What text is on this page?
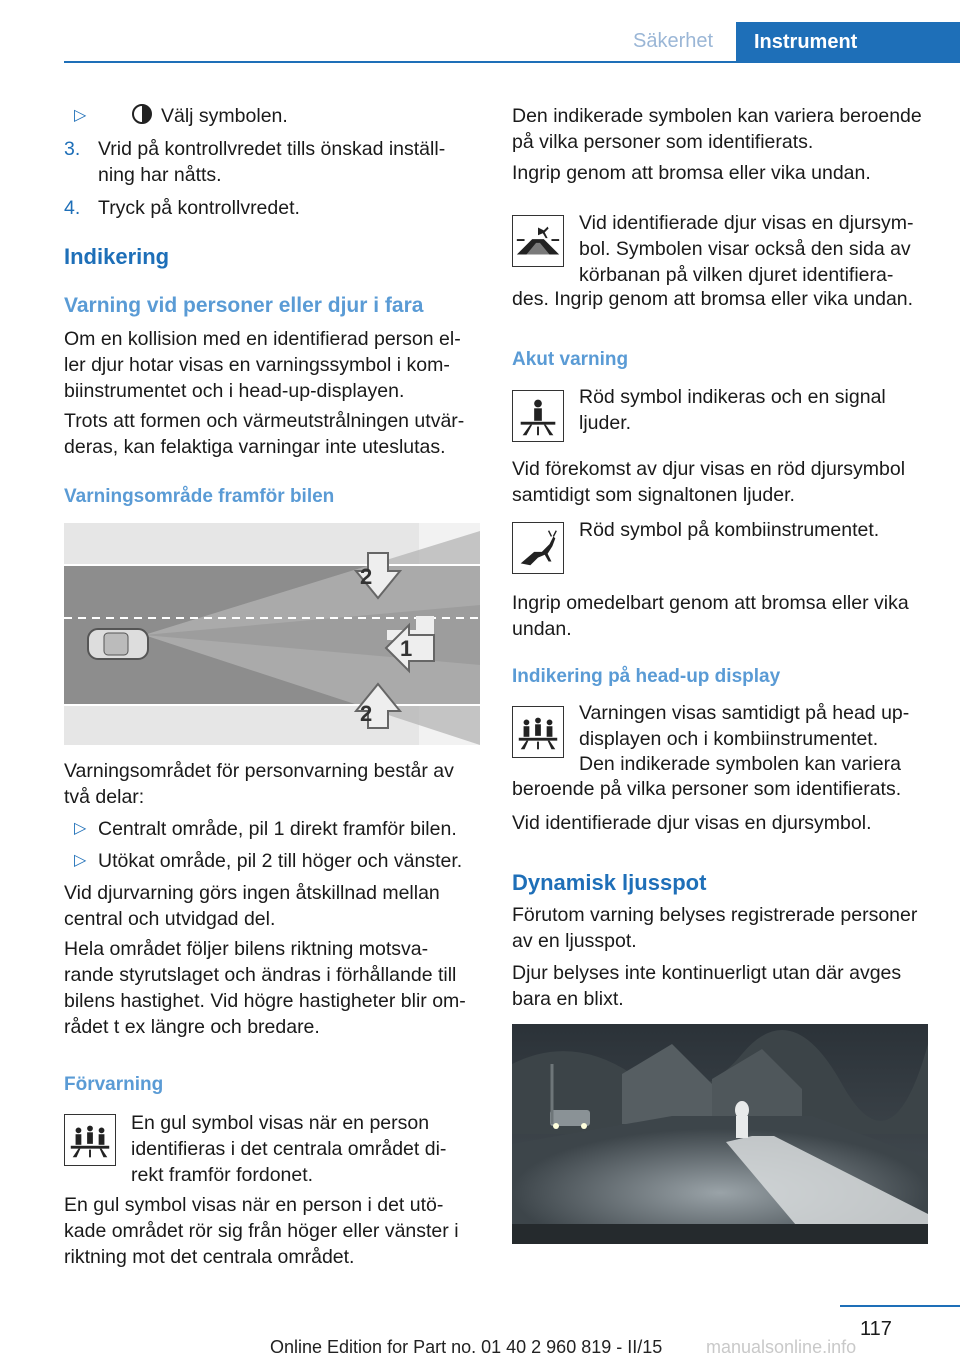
Säkerhet	Instrument
▷	Välj symbolen.

3. Vrid på kontrollvredet tills önskad inställ-

ning har nåtts.

4. Tryck på kontrollvredet.

Indikering
Varning vid personer eller djur i fara

Om en kollision med en identifierad person el-

ler djur hotar visas en varningssymbol i kom-

biinstrumentet och i head-up-displayen.

Trots att formen och värmeutstrålningen utvär-

deras, kan felaktiga varningar inte uteslutas.

Varningsområde framför bilen
2
1
2

Varningsområdet för personvarning består av

två delar:

▷ Centralt område, pil 1 direkt framför bilen.

▷ Utökat område, pil 2 till höger och vänster.

Vid djurvarning görs ingen åtskillnad mellan

central och utvidgad del.

Hela området följer bilens riktning motsva-

rande styrutslaget och ändras i förhållande till

bilens hastighet. Vid högre hastigheter blir om-

rådet t ex längre och bredare.

Förvarning

En gul symbol visas när en person

identifieras i det centrala området di-

rekt framför fordonet.

En gul symbol visas när en person i det utö-

kade området rör sig från höger eller vänster i

riktning mot det centrala området.

Den indikerade symbolen kan variera beroende

på vilka personer som identifierats.

Ingrip genom att bromsa eller vika undan.

Vid identifierade djur visas en djursym-

bol. Symbolen visar också den sida av

körbanan på vilken djuret identifiera-

des. Ingrip genom att bromsa eller vika undan.

Akut varning

Röd symbol indikeras och en signal

ljuder.

Vid förekomst av djur visas en röd djursymbol

samtidigt som signaltonen ljuder.

Röd symbol på kombiinstrumentet.

Ingrip omedelbart genom att bromsa eller vika

undan.

Indikering på head-up display

Varningen visas samtidigt på head up-

displayen och i kombiinstrumentet.

Den indikerade symbolen kan variera

beroende på vilka personer som identifierats.

Vid identifierade djur visas en djursymbol.

Dynamisk ljusspot

Förutom varning belyses registrerade personer

av en ljusspot.

Djur belyses inte kontinuerligt utan där avges

bara en blixt.

117
Online Edition for Part no. 01 40 2 960 819 - II/15 manualsonline.info
